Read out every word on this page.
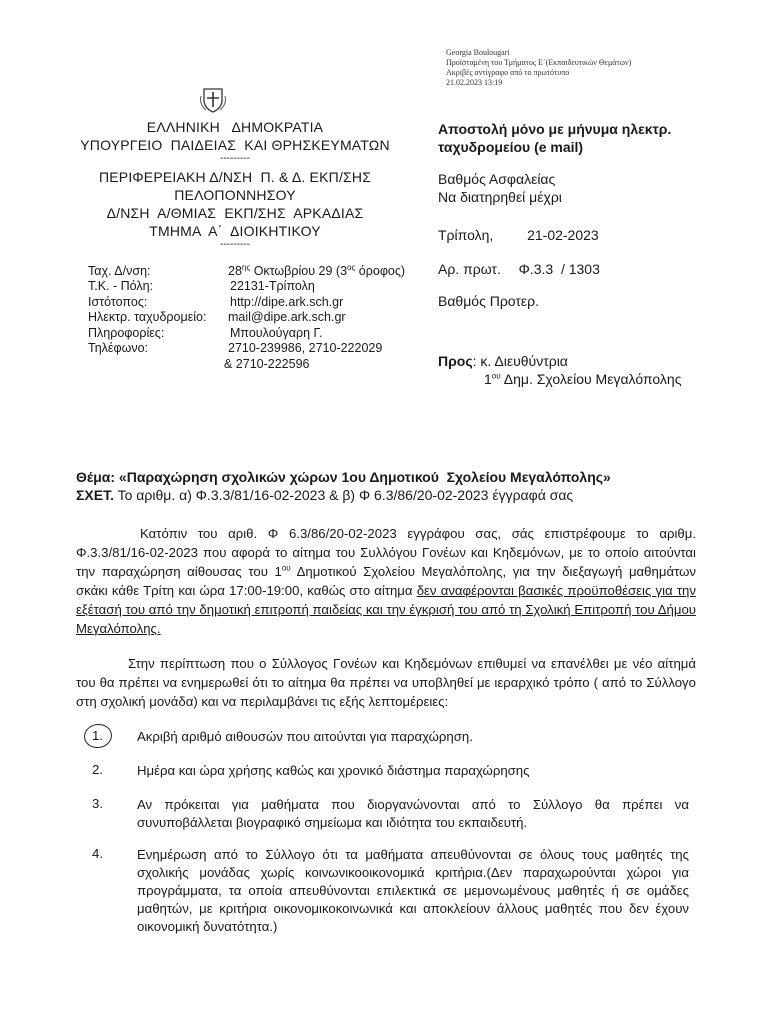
Georgia Boulougari
Προϊσταμένη του Τμήματος Ε΄(Εκπαιδευτικών Θεμάτων)
Ακριβές αντίγραφο από το πρωτότυπο
21.02.2023 13:19
ΕΛΛΗΝΙΚΗ   ΔΗΜΟΚΡΑΤΙΑ
ΥΠΟΥΡΓΕΙΟ  ΠΑΙΔΕΙΑΣ  ΚΑΙ ΘΡΗΣΚΕΥΜΑΤΩΝ
---------
ΠΕΡΙΦΕΡΕΙΑΚΗ Δ/ΝΣΗ  Π. & Δ. ΕΚΠ/ΣΗΣ
ΠΕΛΟΠΟΝΝΗΣΟΥ
Δ/ΝΣΗ  Α/ΘΜΙΑΣ  ΕΚΠ/ΣΗΣ  ΑΡΚΑΔΙΑΣ
ΤΜΗΜΑ  Α΄  ΔΙΟΙΚΗΤΙΚΟΥ
---------
Ταχ. Δ/νση:	$28^{\eta\varsigma}$ Οκτωβρίου 29 ($3^{o\varsigma}$ όροφος)
Τ.Κ. - Πόλη:	22131-Τρίπολη
Ιστότοπος:	http://dipe.ark.sch.gr
Ηλεκτρ. ταχυδρομείο: mail@dipe.ark.sch.gr
Πληροφορίες:	Μπουλούγαρη Γ.
Τηλέφωνο:	2710-239986, 2710-222029
& 2710-222596
Αποστολή μόνο με μήνυμα ηλεκτρ.
ταχυδρομείου (e mail)
Βαθμός Ασφαλείας
Να διατηρηθεί μέχρι
Τρίπολη, 21-02-2023
Αρ. πρωτ. Φ.3.3  / 1303
Βαθμός Προτερ.
Προς: κ. Διευθύντρια
$1^{o\upsilon}$ Δημ. Σχολείου Μεγαλόπολης
Θέμα: «Παραχώρηση σχολικών χώρων 1ου Δημοτικού  Σχολείου Μεγαλόπολης»
ΣΧΕΤ. Το αριθμ. α) Φ.3.3/81/16-02-2023 & β) Φ 6.3/86/20-02-2023 έγγραφά σας
Κατόπιν του αριθ. Φ 6.3/86/20-02-2023 εγγράφου σας, σάς επιστρέφουμε το αριθμ. Φ.3.3/81/16-02-2023 που αφορά το αίτημα του Συλλόγου Γονέων και Κηδεμόνων, με το οποίο αιτούνται την παραχώρηση αίθουσας του $1^{o\upsilon}$ Δημοτικού Σχολείου Μεγαλόπολης, για την διεξαγωγή μαθημάτων σκάκι κάθε Τρίτη και ώρα 17:00-19:00, καθώς στο αίτημα δεν αναφέρονται βασικές προϋποθέσεις για την εξέτασή του από την δημοτική επιτροπή παιδείας και την έγκρισή του από τη Σχολική Επιτροπή του Δήμου Μεγαλόπολης.
Στην περίπτωση που ο Σύλλογος Γονέων και Κηδεμόνων επιθυμεί να επανέλθει με νέο αίτημά του θα πρέπει να ενημερωθεί ότι το αίτημα θα πρέπει να υποβληθεί με ιεραρχικό τρόπο ( από το Σύλλογο στη σχολική μονάδα) και να περιλαμβάνει τις εξής λεπτομέρειες:
1.	Ακριβή αριθμό αιθουσών που αιτούνται για παραχώρηση.
2.	Ημέρα και ώρα χρήσης καθώς και χρονικό διάστημα παραχώρησης
3.	Αν πρόκειται για μαθήματα που διοργανώνονται από το Σύλλογο θα πρέπει να συνυποβάλλεται βιογραφικό σημείωμα και ιδιότητα του εκπαιδευτή.
4.	Ενημέρωση από το Σύλλογο ότι τα μαθήματα απευθύνονται σε όλους τους μαθητές της σχολικής μονάδας χωρίς κοινωνικοοικονομικά κριτήρια.(Δεν παραχωρούνται χώροι για προγράμματα, τα οποία απευθύνονται επιλεκτικά σε μεμονωμένους μαθητές ή σε ομάδες μαθητών, με κριτήρια οικονομικοκοινωνικά και αποκλείουν άλλους μαθητές που δεν έχουν οικονομική δυνατότητα.)
